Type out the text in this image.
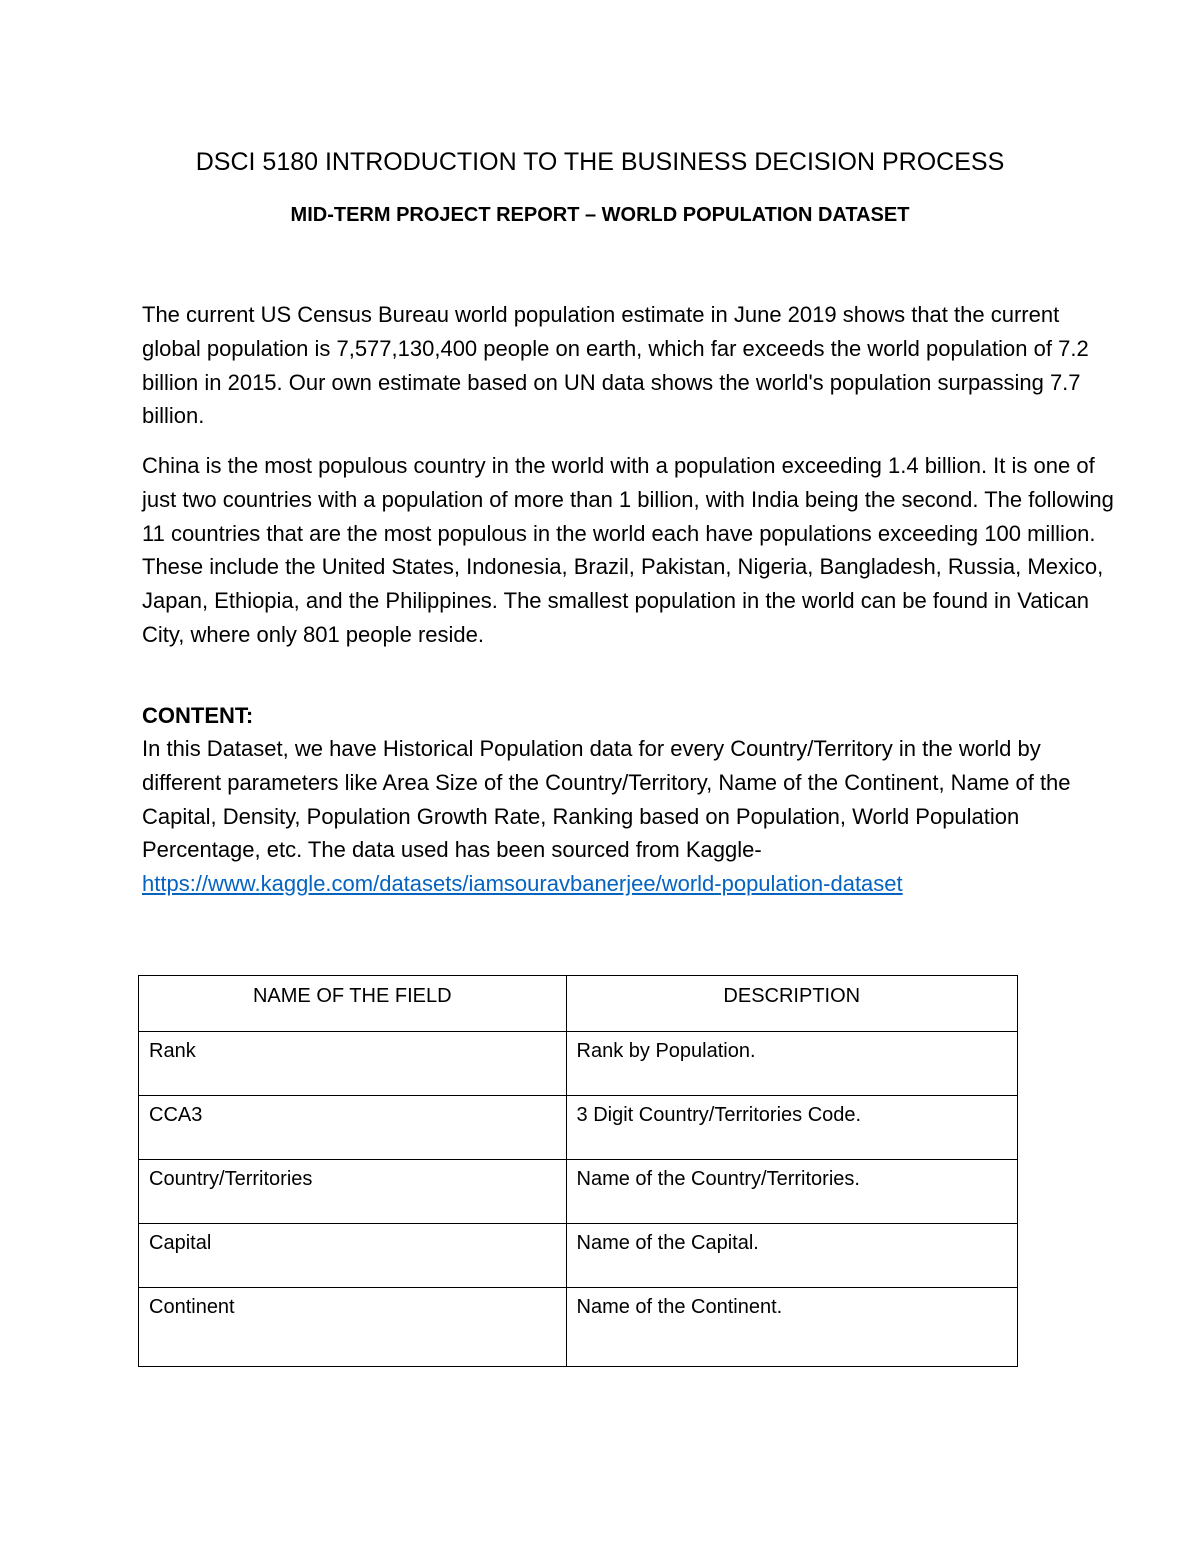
DSCI 5180 INTRODUCTION TO THE BUSINESS DECISION PROCESS
MID-TERM PROJECT REPORT – WORLD POPULATION DATASET

The current US Census Bureau world population estimate in June 2019 shows that the current global population is 7,577,130,400 people on earth, which far exceeds the world population of 7.2 billion in 2015. Our own estimate based on UN data shows the world's population surpassing 7.7 billion.

China is the most populous country in the world with a population exceeding 1.4 billion. It is one of just two countries with a population of more than 1 billion, with India being the second. The following 11 countries that are the most populous in the world each have populations exceeding 100 million. These include the United States, Indonesia, Brazil, Pakistan, Nigeria, Bangladesh, Russia, Mexico, Japan, Ethiopia, and the Philippines. The smallest population in the world can be found in Vatican City, where only 801 people reside.

CONTENT:

In this Dataset, we have Historical Population data for every Country/Territory in the world by different parameters like Area Size of the Country/Territory, Name of the Continent, Name of the Capital, Density, Population Growth Rate, Ranking based on Population, World Population Percentage, etc. The data used has been sourced from Kaggle-https://www.kaggle.com/datasets/iamsouravbanerjee/world-population-dataset

NAME OF THE FIELD	DESCRIPTION
Rank	Rank by Population.
CCA3	3 Digit Country/Territories Code.
Country/Territories	Name of the Country/Territories.
Capital	Name of the Capital.
Continent	Name of the Continent.
